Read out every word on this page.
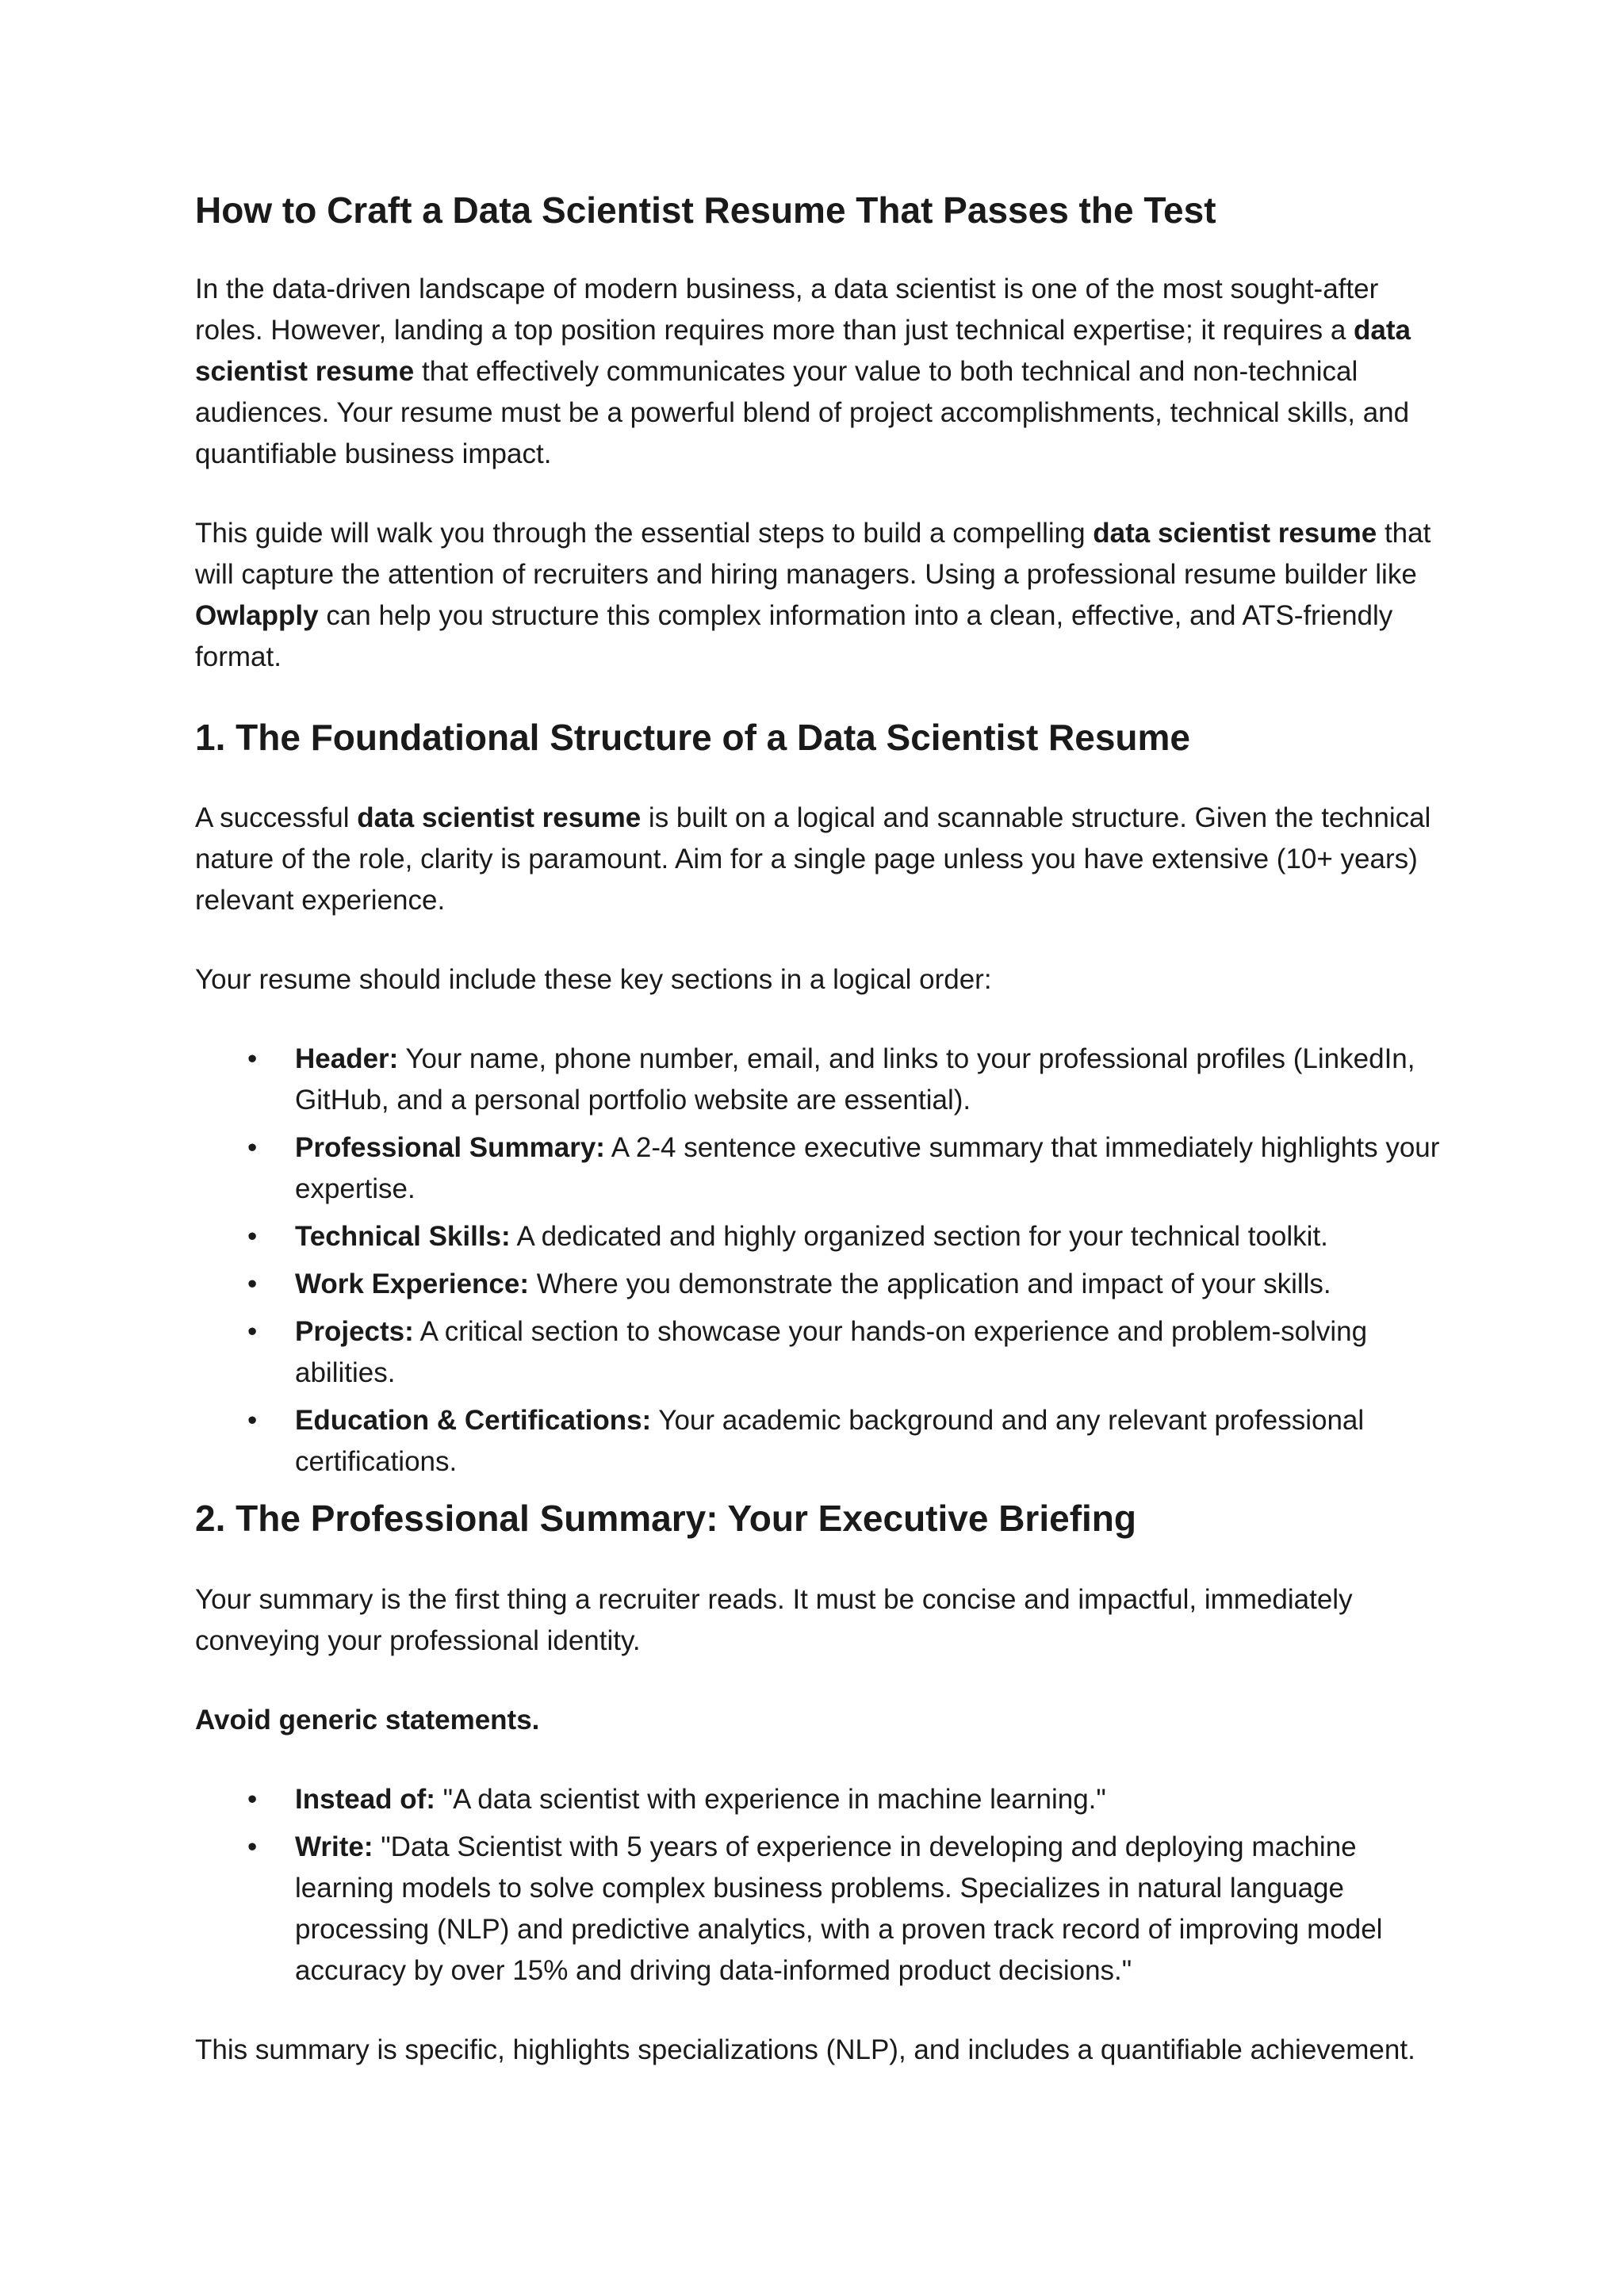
How to Craft a Data Scientist Resume That Passes the Test

In the data-driven landscape of modern business, a data scientist is one of the most sought-after roles. However, landing a top position requires more than just technical expertise; it requires a data scientist resume that effectively communicates your value to both technical and non-technical audiences. Your resume must be a powerful blend of project accomplishments, technical skills, and quantifiable business impact.

This guide will walk you through the essential steps to build a compelling data scientist resume that will capture the attention of recruiters and hiring managers. Using a professional resume builder like Owlapply can help you structure this complex information into a clean, effective, and ATS-friendly format.

1. The Foundational Structure of a Data Scientist Resume

A successful data scientist resume is built on a logical and scannable structure. Given the technical nature of the role, clarity is paramount. Aim for a single page unless you have extensive (10+ years) relevant experience.

Your resume should include these key sections in a logical order:

• Header: Your name, phone number, email, and links to your professional profiles (LinkedIn, GitHub, and a personal portfolio website are essential).
• Professional Summary: A 2-4 sentence executive summary that immediately highlights your expertise.
• Technical Skills: A dedicated and highly organized section for your technical toolkit.
• Work Experience: Where you demonstrate the application and impact of your skills.
• Projects: A critical section to showcase your hands-on experience and problem-solving abilities.
• Education & Certifications: Your academic background and any relevant professional certifications.
2. The Professional Summary: Your Executive Briefing

Your summary is the first thing a recruiter reads. It must be concise and impactful, immediately conveying your professional identity.

Avoid generic statements.

• Instead of: "A data scientist with experience in machine learning."
• Write: "Data Scientist with 5 years of experience in developing and deploying machine learning models to solve complex business problems. Specializes in natural language processing (NLP) and predictive analytics, with a proven track record of improving model accuracy by over 15% and driving data-informed product decisions."

This summary is specific, highlights specializations (NLP), and includes a quantifiable achievement.
